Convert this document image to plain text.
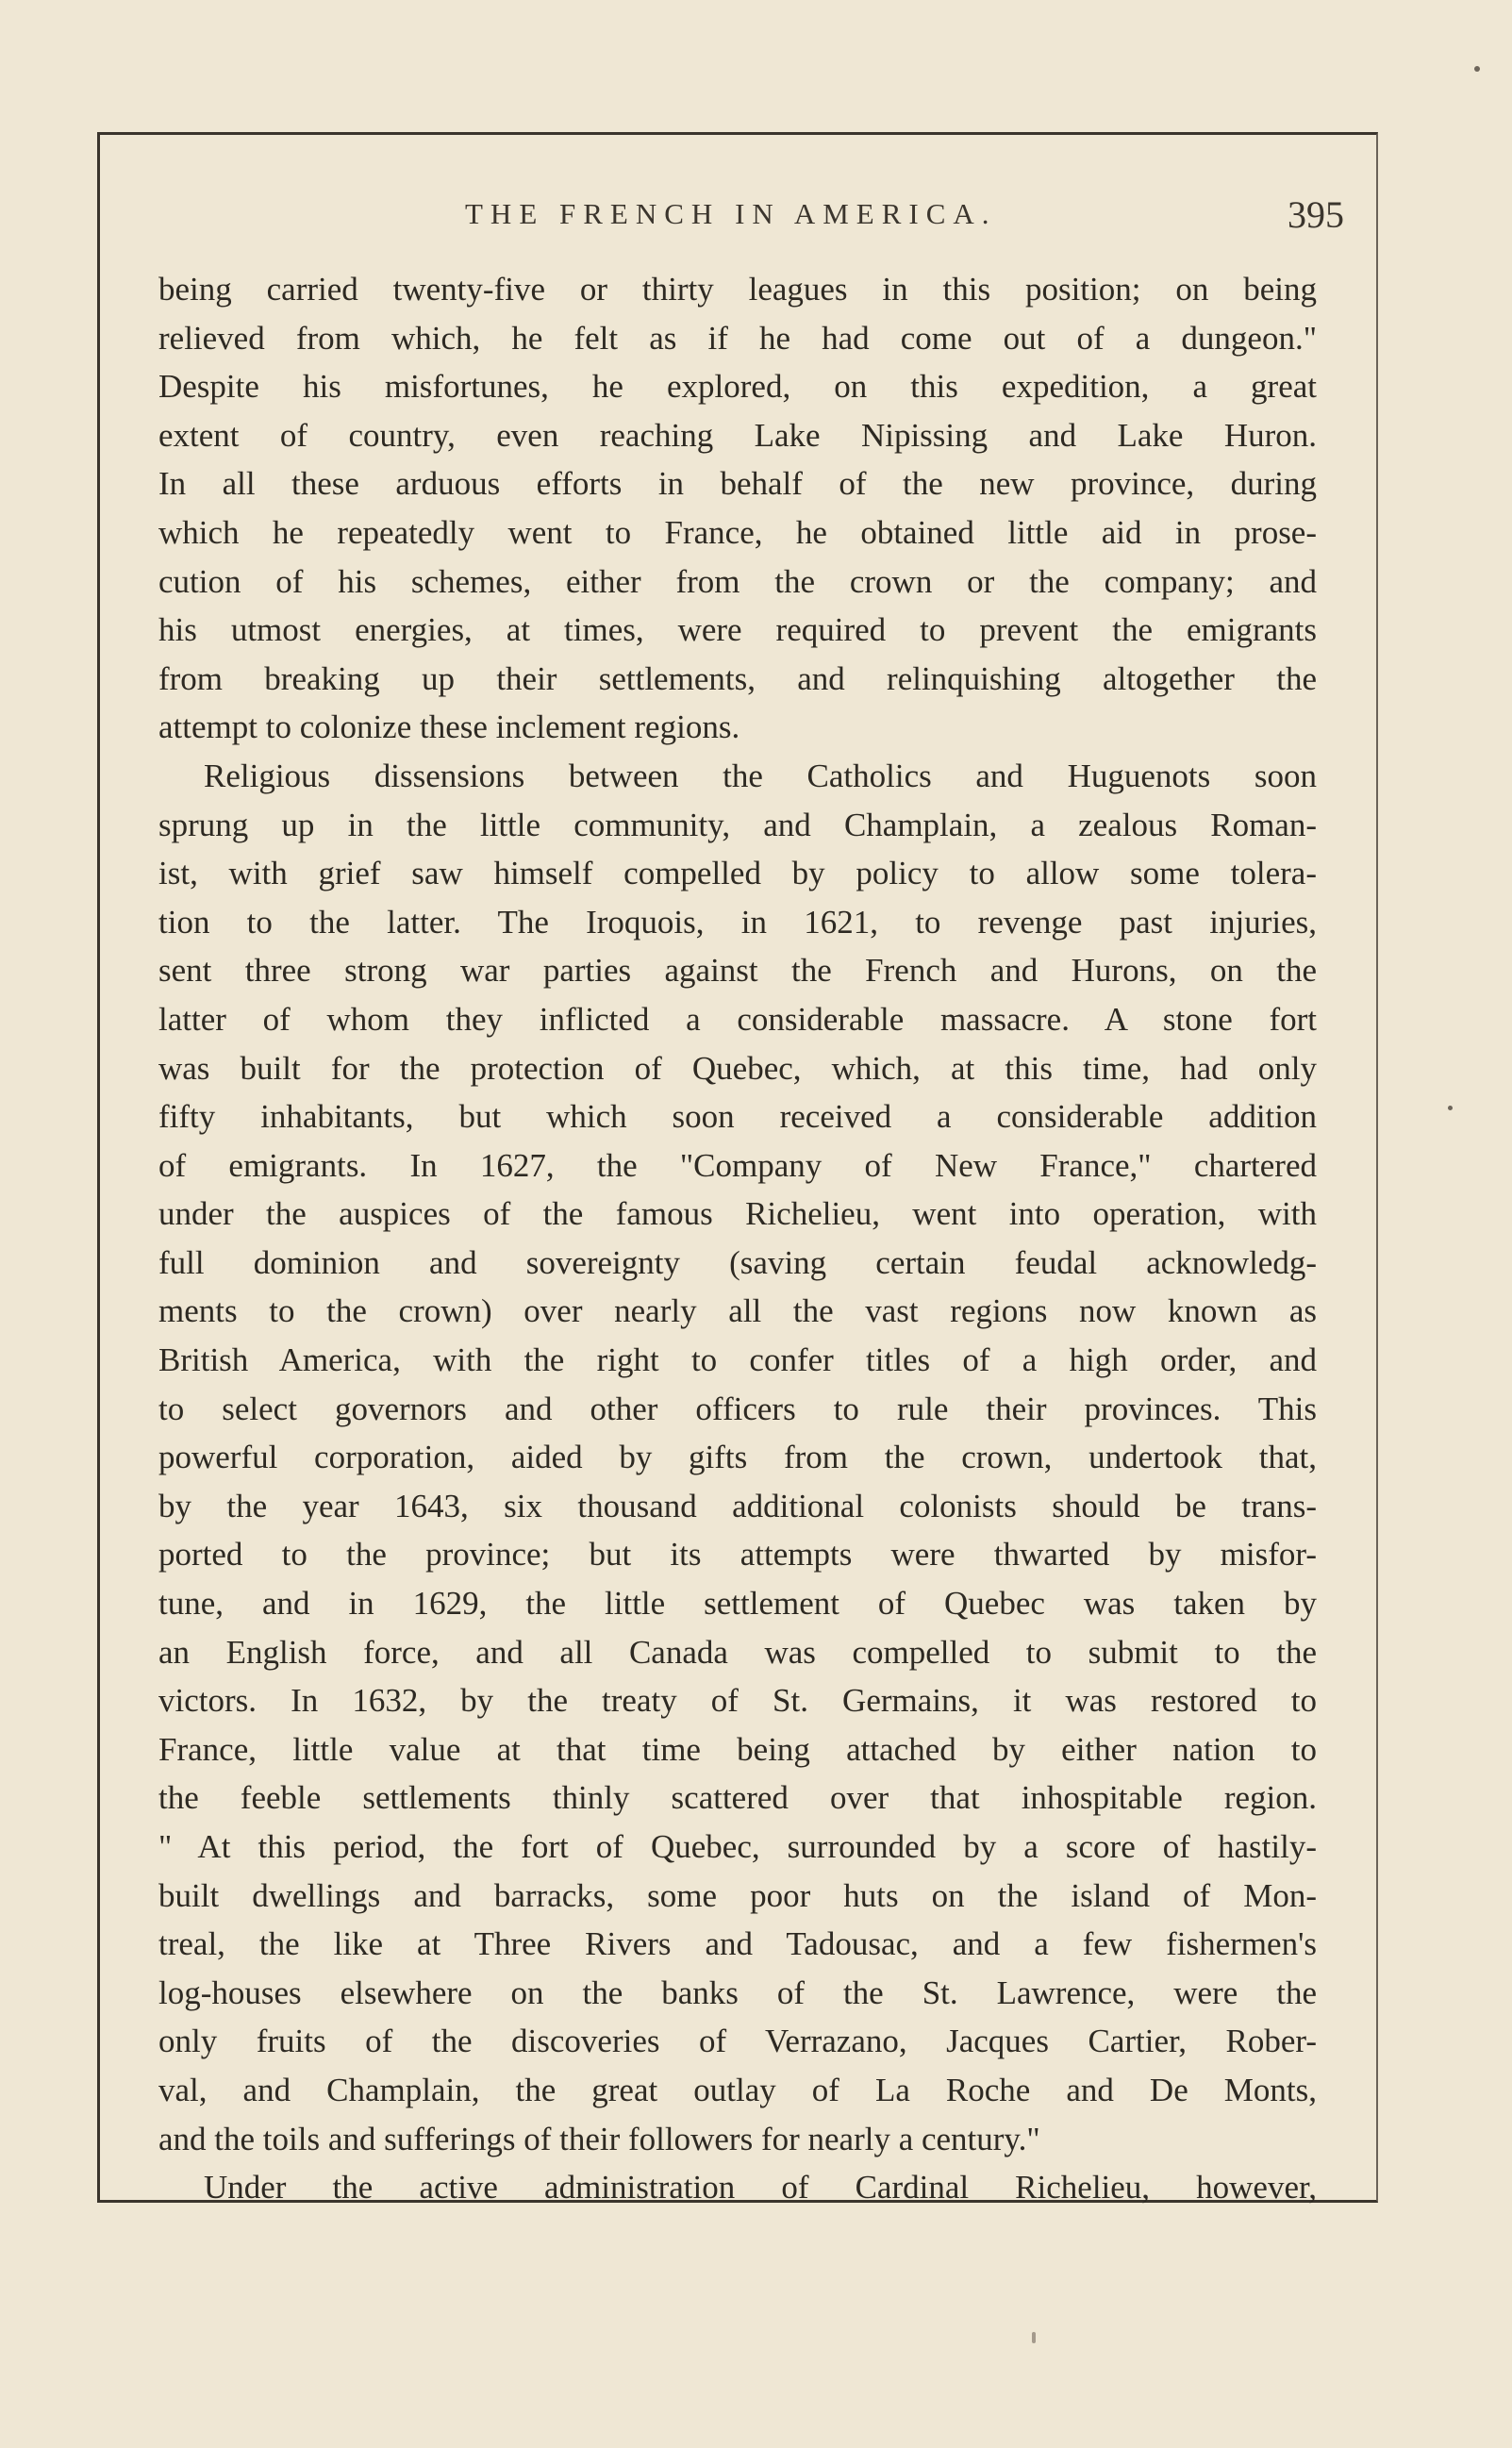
THE FRENCH IN AMERICA.	395
being carried twenty-five or thirty leagues in this position; on being
relieved from which, he felt as if he had come out of a dungeon."
Despite his misfortunes, he explored, on this expedition, a great
extent of country, even reaching Lake Nipissing and Lake Huron.
In all these arduous efforts in behalf of the new province, during
which he repeatedly went to France, he obtained little aid in prose-
cution of his schemes, either from the crown or the company; and
his utmost energies, at times, were required to prevent the emigrants
from breaking up their settlements, and relinquishing altogether the
attempt to colonize these inclement regions.
Religious dissensions between the Catholics and Huguenots soon
sprung up in the little community, and Champlain, a zealous Roman-
ist, with grief saw himself compelled by policy to allow some tolera-
tion to the latter. The Iroquois, in 1621, to revenge past injuries,
sent three strong war parties against the French and Hurons, on the
latter of whom they inflicted a considerable massacre. A stone fort
was built for the protection of Quebec, which, at this time, had only
fifty inhabitants, but which soon received a considerable addition
of emigrants. In 1627, the "Company of New France," chartered
under the auspices of the famous Richelieu, went into operation, with
full dominion and sovereignty (saving certain feudal acknowledg-
ments to the crown) over nearly all the vast regions now known as
British America, with the right to confer titles of a high order, and
to select governors and other officers to rule their provinces. This
powerful corporation, aided by gifts from the crown, undertook that,
by the year 1643, six thousand additional colonists should be trans-
ported to the province; but its attempts were thwarted by misfor-
tune, and in 1629, the little settlement of Quebec was taken by
an English force, and all Canada was compelled to submit to the
victors. In 1632, by the treaty of St. Germains, it was restored to
France, little value at that time being attached by either nation to
the feeble settlements thinly scattered over that inhospitable region.
" At this period, the fort of Quebec, surrounded by a score of hastily-
built dwellings and barracks, some poor huts on the island of Mon-
treal, the like at Three Rivers and Tadousac, and a few fishermen's
log-houses elsewhere on the banks of the St. Lawrence, were the
only fruits of the discoveries of Verrazano, Jacques Cartier, Rober-
val, and Champlain, the great outlay of La Roche and De Monts,
and the toils and sufferings of their followers for nearly a century."
Under the active administration of Cardinal Richelieu, however,
